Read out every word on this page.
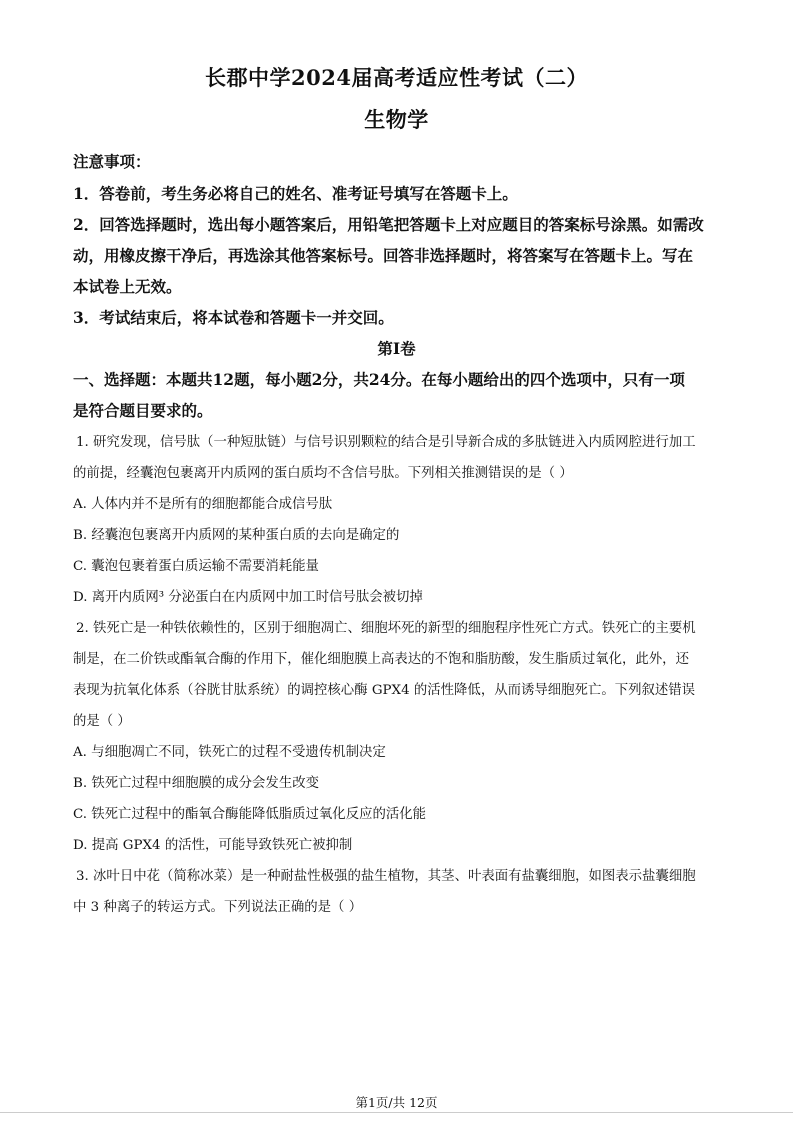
长郡中学2024届高考适应性考试（二）
生物学
注意事项：
1．答卷前，考生务必将自己的姓名、准考证号填写在答题卡上。
2．回答选择题时，选出每小题答案后，用铅笔把答题卡上对应题目的答案标号涂黑。如需改
动，用橡皮擦干净后，再选涂其他答案标号。回答非选择题时，将答案写在答题卡上。写在
本试卷上无效。
3．考试结束后，将本试卷和答题卡一并交回。
第I卷
一、选择题：本题共12题，每小题2分，共24分。在每小题给出的四个选项中，只有一项
是符合题目要求的。
1. 研究发现，信号肽（一种短肽链）与信号识别颗粒的结合是引导新合成的多肽链进入内质网腔进行加工
的前提，经囊泡包裹离开内质网的蛋白质均不含信号肽。下列相关推测错误的是（ ）
A. 人体内并不是所有的细胞都能合成信号肽
B. 经囊泡包裹离开内质网的某种蛋白质的去向是确定的
C. 囊泡包裹着蛋白质运输不需要消耗能量
D. 离开内质网³ 分泌蛋白在内质网中加工时信号肽会被切掉
2. 铁死亡是一种铁依赖性的，区别于细胞凋亡、细胞坏死的新型的细胞程序性死亡方式。铁死亡的主要机
制是，在二价铁或酯氧合酶的作用下，催化细胞膜上高表达的不饱和脂肪酸，发生脂质过氧化，此外，还
表现为抗氧化体系（谷胱甘肽系统）的调控核心酶 GPX4 的活性降低，从而诱导细胞死亡。下列叙述错误
的是（ ）
A. 与细胞凋亡不同，铁死亡的过程不受遗传机制决定
B. 铁死亡过程中细胞膜的成分会发生改变
C. 铁死亡过程中的酯氧合酶能降低脂质过氧化反应的活化能
D. 提高 GPX4 的活性，可能导致铁死亡被抑制
3. 冰叶日中花（简称冰菜）是一种耐盐性极强的盐生植物，其茎、叶表面有盐囊细胞，如图表示盐囊细胞
中 3 种离子的转运方式。下列说法正确的是（ ）
第1页/共 12页
